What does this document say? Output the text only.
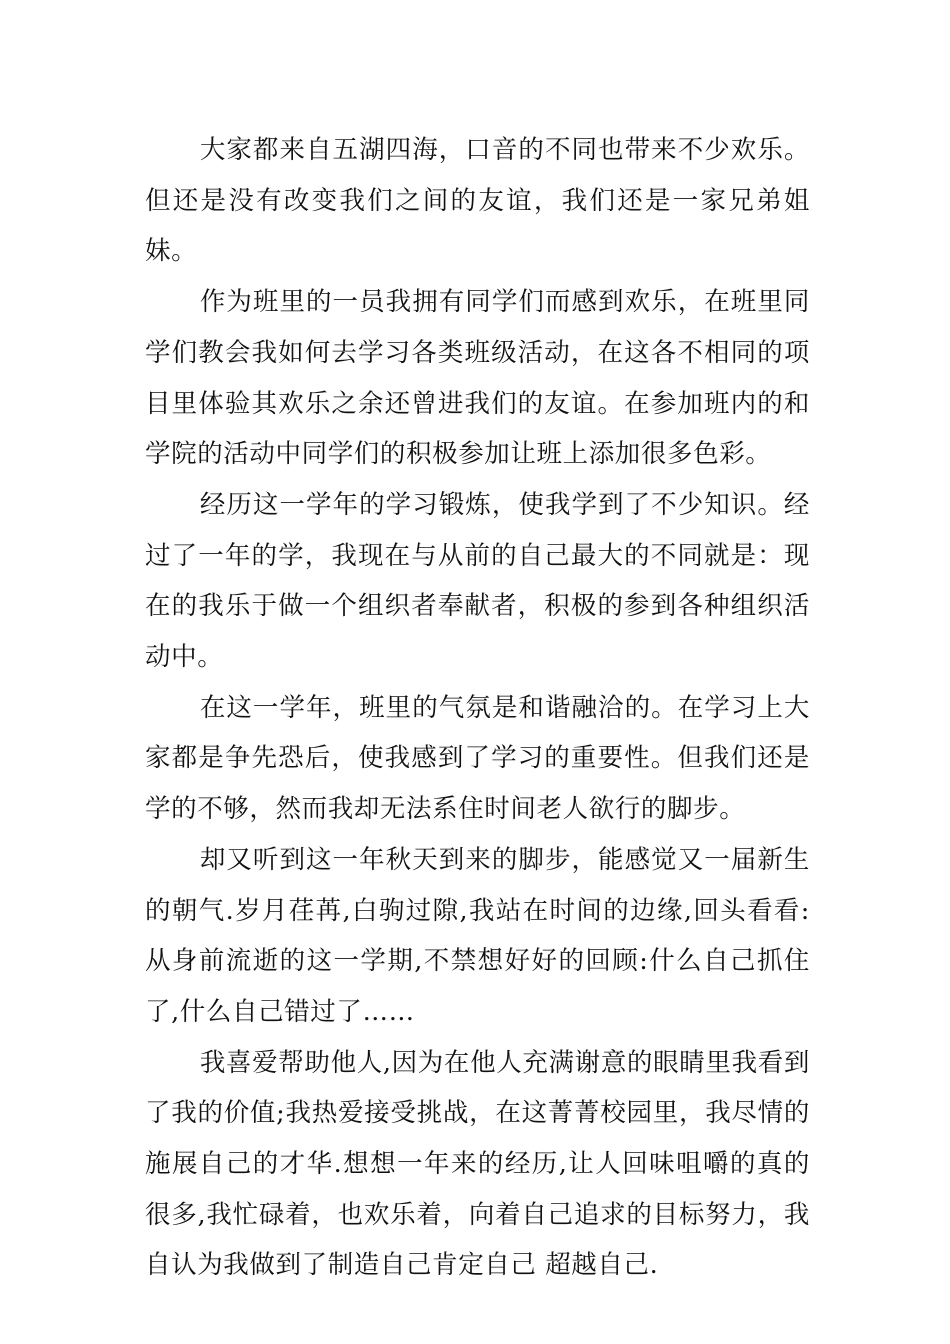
大家都来自五湖四海，口音的不同也带来不少欢乐。但还是没有改变我们之间的友谊，我们还是一家兄弟姐妹。

作为班里的一员我拥有同学们而感到欢乐，在班里同学们教会我如何去学习各类班级活动，在这各不相同的项目里体验其欢乐之余还曾进我们的友谊。在参加班内的和学院的活动中同学们的积极参加让班上添加很多色彩。

经历这一学年的学习锻炼，使我学到了不少知识。经过了一年的学，我现在与从前的自己最大的不同就是：现在的我乐于做一个组织者奉献者，积极的参到各种组织活动中。

在这一学年，班里的气氛是和谐融洽的。在学习上大家都是争先恐后，使我感到了学习的重要性。但我们还是学的不够，然而我却无法系住时间老人欲行的脚步。

却又听到这一年秋天到来的脚步，能感觉又一届新生的朝气.岁月荏苒,白驹过隙,我站在时间的边缘,回头看看:从身前流逝的这一学期,不禁想好好的回顾:什么自己抓住了,什么自己错过了……

我喜爱帮助他人,因为在他人充满谢意的眼睛里我看到了我的价值;我热爱接受挑战，在这菁菁校园里，我尽情的施展自己的才华.想想一年来的经历,让人回味咀嚼的真的很多,我忙碌着，也欢乐着，向着自己追求的目标努力，我自认为我做到了制造自己肯定自己 超越自己.
